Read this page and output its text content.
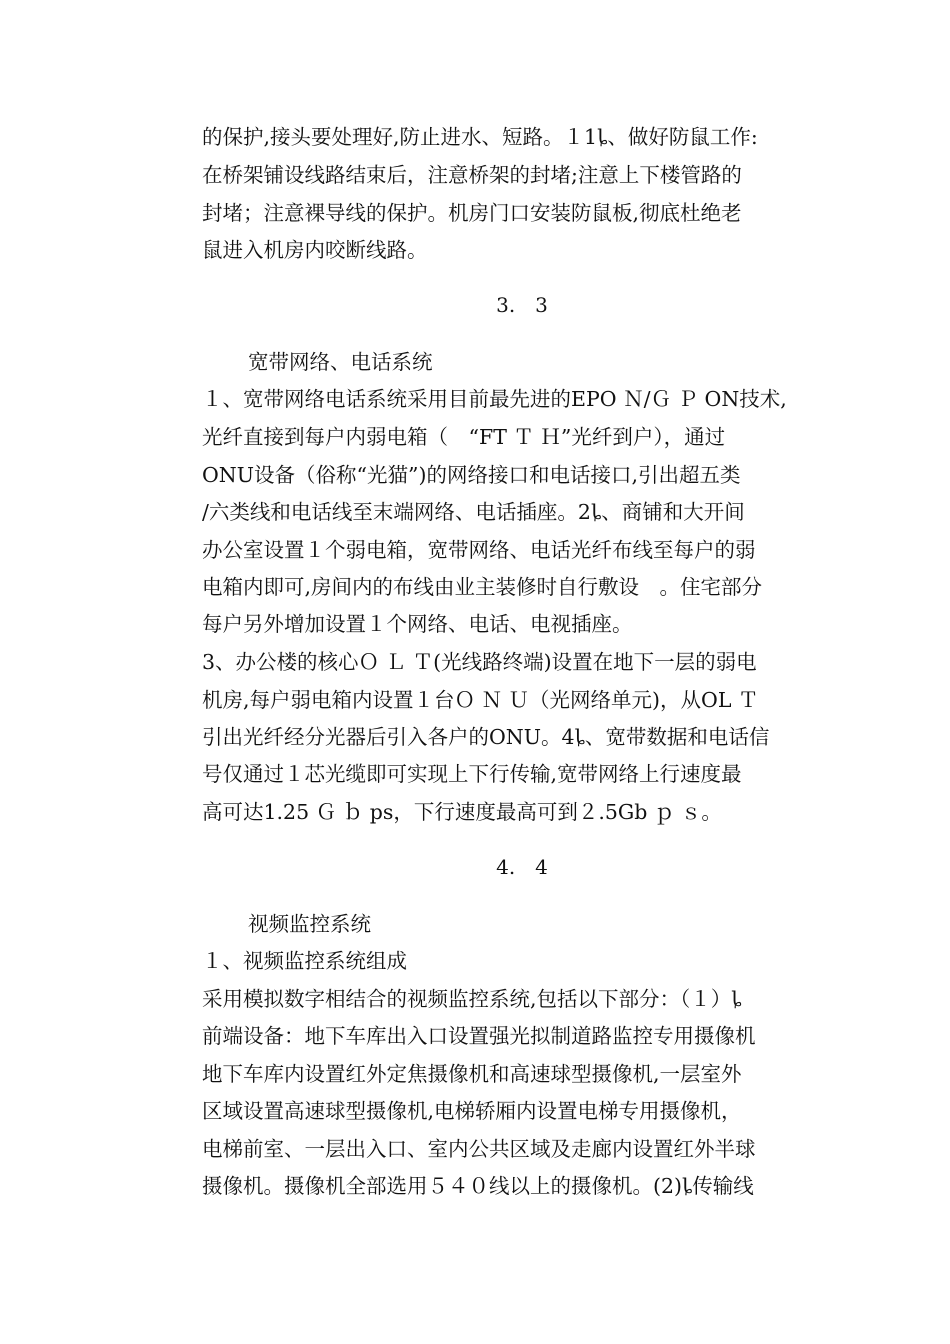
的保护,接头要处理好,防止进水、短路。１1ȴ、做好防鼠工作:
在桥架铺设线路结束后，注意桥架的封堵;注意上下楼管路的
封堵；注意裸导线的保护。机房门口安装防鼠板,彻底杜绝老
鼠进入机房内咬断线路。
3.　3
宽带网络、电话系统
１、宽带网络电话系统采用目前最先进的EPO Ｎ/Ｇ Ｐ ON技术,
光纤直接到每户内弱电箱（　“FT Ｔ Ｈ”光纤到户），通过
ONU设备（俗称“光猫”)的网络接口和电话接口,引出超五类
/六类线和电话线至末端网络、电话插座。2ȴ、商铺和大开间
办公室设置１个弱电箱，宽带网络、电话光纤布线至每户的弱
电箱内即可,房间内的布线由业主装修时自行敷设　。住宅部分
每户另外增加设置１个网络、电话、电视插座。
3、办公楼的核心Ｏ Ｌ Ｔ(光线路终端)设置在地下一层的弱电
机房,每户弱电箱内设置１台Ｏ Ｎ Ｕ（光网络单元)，从OL Ｔ
引出光纤经分光器后引入各户的ONU。4ȴ、宽带数据和电话信
号仅通过１芯光缆即可实现上下行传输,宽带网络上行速度最
高可达1.25 Ｇ ｂ ps，下行速度最高可到２.5Gb ｐ ｓ。
4.　4
视频监控系统
１、视频监控系统组成
采用模拟数字相结合的视频监控系统,包括以下部分：（１）ȴ
前端设备：地下车库出入口设置强光拟制道路监控专用摄像机
地下车库内设置红外定焦摄像机和高速球型摄像机,一层室外
区域设置高速球型摄像机,电梯轿厢内设置电梯专用摄像机，
电梯前室、一层出入口、室内公共区域及走廊内设置红外半球
摄像机。摄像机全部选用５４０线以上的摄像机。(2)ȴ传输线
